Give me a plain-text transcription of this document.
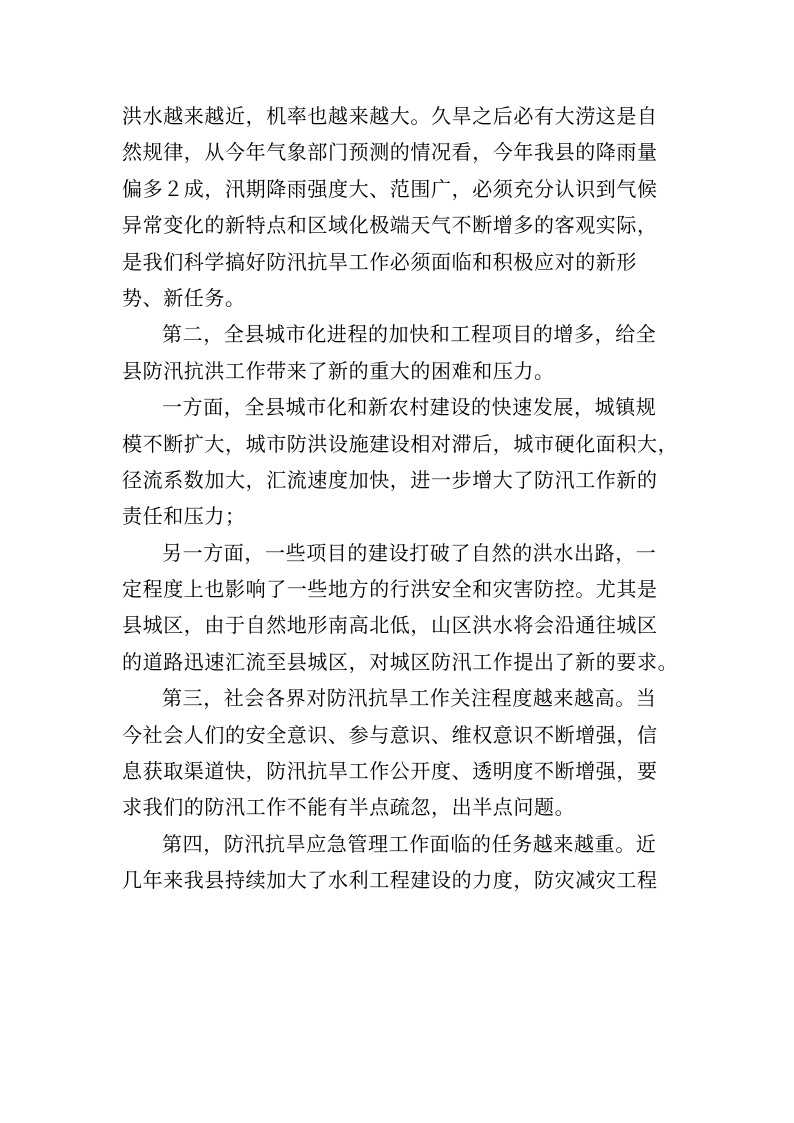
洪水越来越近，机率也越来越大。久旱之后必有大涝这是自
然规律，从今年气象部门预测的情况看，今年我县的降雨量
偏多２成，汛期降雨强度大、范围广，必须充分认识到气候
异常变化的新特点和区域化极端天气不断增多的客观实际，
是我们科学搞好防汛抗旱工作必须面临和积极应对的新形
势、新任务。
第二，全县城市化进程的加快和工程项目的增多，给全
县防汛抗洪工作带来了新的重大的困难和压力。
一方面，全县城市化和新农村建设的快速发展，城镇规
模不断扩大，城市防洪设施建设相对滞后，城市硬化面积大，
径流系数加大，汇流速度加快，进一步增大了防汛工作新的
责任和压力；
另一方面，一些项目的建设打破了自然的洪水出路，一
定程度上也影响了一些地方的行洪安全和灾害防控。尤其是
县城区，由于自然地形南高北低，山区洪水将会沿通往城区
的道路迅速汇流至县城区，对城区防汛工作提出了新的要求。
第三，社会各界对防汛抗旱工作关注程度越来越高。当
今社会人们的安全意识、参与意识、维权意识不断增强，信
息获取渠道快，防汛抗旱工作公开度、透明度不断增强，要
求我们的防汛工作不能有半点疏忽，出半点问题。
第四，防汛抗旱应急管理工作面临的任务越来越重。近
几年来我县持续加大了水利工程建设的力度，防灾减灾工程
